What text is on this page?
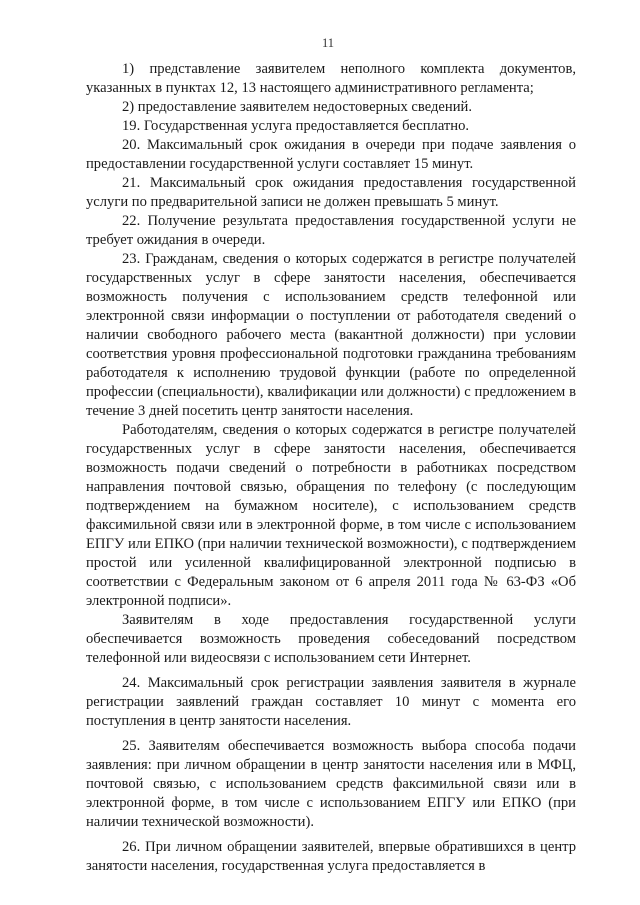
11

1) представление заявителем неполного комплекта документов, указанных в пунктах 12, 13 настоящего административного регламента;

2) предоставление заявителем недостоверных сведений.

19. Государственная услуга предоставляется бесплатно.

20. Максимальный срок ожидания в очереди при подаче заявления о предоставлении государственной услуги составляет 15 минут.

21. Максимальный срок ожидания предоставления государственной услуги по предварительной записи не должен превышать 5 минут.

22. Получение результата предоставления государственной услуги не требует ожидания в очереди.

23. Гражданам, сведения о которых содержатся в регистре получателей государственных услуг в сфере занятости населения, обеспечивается возможность получения с использованием средств телефонной или электронной связи информации о поступлении от работодателя сведений о наличии свободного рабочего места (вакантной должности) при условии соответствия уровня профессиональной подготовки гражданина требованиям работодателя к исполнению трудовой функции (работе по определенной профессии (специальности), квалификации или должности) с предложением в течение 3 дней посетить центр занятости населения.

Работодателям, сведения о которых содержатся в регистре получателей государственных услуг в сфере занятости населения, обеспечивается возможность подачи сведений о потребности в работниках посредством направления почтовой связью, обращения по телефону (с последующим подтверждением на бумажном носителе), с использованием средств факсимильной связи или в электронной форме, в том числе с использованием ЕПГУ или ЕПКО (при наличии технической возможности), с подтверждением простой или усиленной квалифицированной электронной подписью в соответствии с Федеральным законом от 6 апреля 2011 года № 63-ФЗ «Об электронной подписи».

Заявителям в ходе предоставления государственной услуги обеспечивается возможность проведения собеседований посредством телефонной или видеосвязи с использованием сети Интернет.

24. Максимальный срок регистрации заявления заявителя в журнале регистрации заявлений граждан составляет 10 минут с момента его поступления в центр занятости населения.

25. Заявителям обеспечивается возможность выбора способа подачи заявления: при личном обращении в центр занятости населения или в МФЦ, почтовой связью, с использованием средств факсимильной связи или в электронной форме, в том числе с использованием ЕПГУ или ЕПКО (при наличии технической возможности).

26. При личном обращении заявителей, впервые обратившихся в центр занятости населения, государственная услуга предоставляется в
